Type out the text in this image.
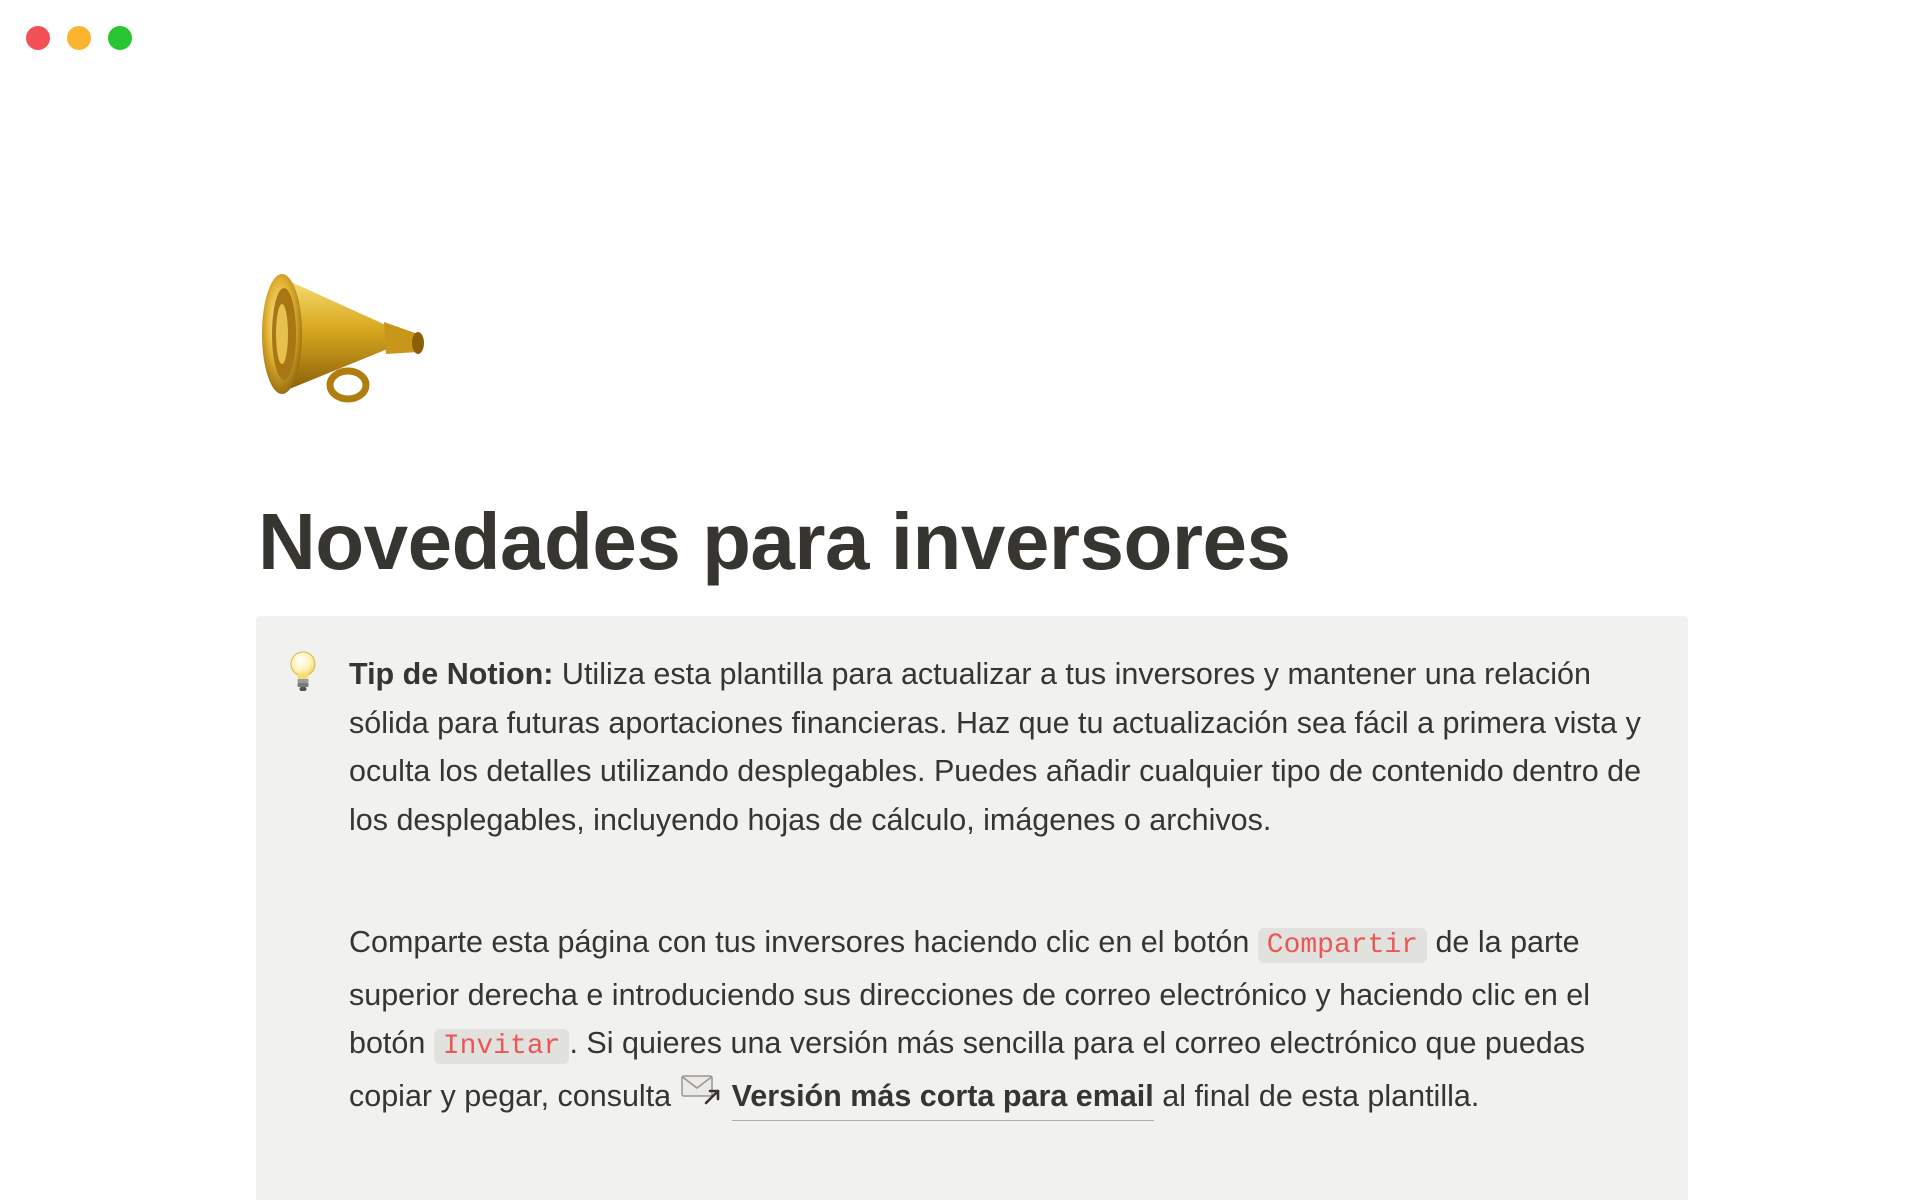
Novedades para inversores

Tip de Notion: Utiliza esta plantilla para actualizar a tus inversores y mantener una relación sólida para futuras aportaciones financieras. Haz que tu actualización sea fácil a primera vista y oculta los detalles utilizando desplegables. Puedes añadir cualquier tipo de contenido dentro de los desplegables, incluyendo hojas de cálculo, imágenes o archivos.

Comparte esta página con tus inversores haciendo clic en el botón Compartir de la parte superior derecha e introduciendo sus direcciones de correo electrónico y haciendo clic en el botón Invitar . Si quieres una versión más sencilla para el correo electrónico que puedas copiar y pegar, consulta Versión más corta para email al final de esta plantilla.
